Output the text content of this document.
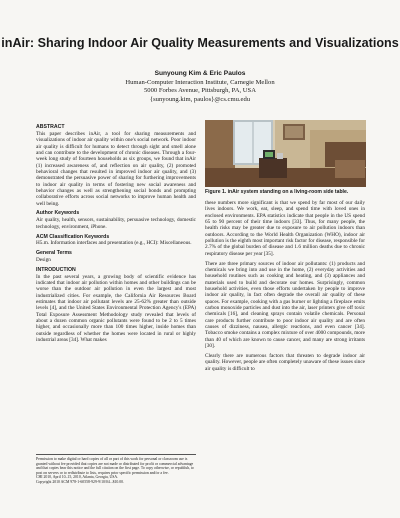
inAir: Sharing Indoor Air Quality Measurements and Visualizations
Sunyoung Kim & Eric Paulos
Human-Computer Interaction Institute, Carnegie Mellon
5000 Forbes Avenue, Pittsburgh, PA, USA
{sunyoung.kim, paulos}@cs.cmu.edu
ABSTRACT

This paper describes inAir, a tool for sharing measurements and visualizations of indoor air quality within one's social network. Poor indoor air quality is difficult for humans to detect through sight and smell alone and can contribute to the development of chronic diseases. Through a four-week long study of fourteen households as six groups, we found that inAir (1) increased awareness of, and reflection on air quality, (2) promoted behavioral changes that resulted in improved indoor air quality, and (3) demonstrated the persuasive power of sharing for furthering improvements to indoor air quality in terms of fostering new social awareness and behavior changes as well as strengthening social bonds and prompting collaborative efforts across social networks to improve human health and well being.

Author Keywords

Air quality, health, sensors, sustainability, persuasive technology, domestic technology, environment, iPhone.

ACM Classification Keywords

H5.m. Information interfaces and presentation (e.g., HCI): Miscellaneous.

General Terms

Design

INTRODUCTION

In the past several years, a growing body of scientific evidence has indicated that indoor air pollution within homes and other buildings can be worse than the outdoor air pollution in even the largest and most industrialized cities. For example, the California Air Resources Board estimates that indoor air pollutant levels are 25-62% greater than outside levels [4], and the United States Environmental Protection Agency's (EPA) Total Exposure Assessment Methodology study revealed that levels of about a dozen common organic pollutants were found to be 2 to 5 times higher, and occasionally more than 100 times higher, inside homes than outside regardless of whether the homes were located in rural or highly industrial areas [34]. What makes

Permission to make digital or hard copies of all or part of this work for personal or classroom use is granted without fee provided that copies are not made or distributed for profit or commercial advantage and that copies bear this notice and the full citation on the first page. To copy otherwise, or republish, to post on servers or to redistribute to lists, requires prior specific permission and/or a fee.
CHI 2010, April 10–15, 2010, Atlanta, Georgia, USA.
Copyright 2010 ACM 978-1-60558-929-9/10/04...$10.00.
Figure 1. inAir system standing on a living-room side table.

these numbers more significant is that we spend by far most of our daily lives indoors. We work, eat, sleep, and spend time with loved ones in enclosed environments. EPA statistics indicate that people in the US spend 65 to 90 percent of their time indoors [33]. Thus, for many people, the health risks may be greater due to exposure to air pollution indoors than outdoors. According to the World Health Organization (WHO), indoor air pollution is the eighth most important risk factor for disease, responsible for 2.7% of the global burden of disease and 1.6 million deaths due to chronic respiratory disease per year [35].

There are three primary sources of indoor air pollutants: (1) products and chemicals we bring into and use in the home, (2) everyday activities and household routines such as cooking and heating, and (3) appliances and materials used to build and decorate our homes. Surprisingly, common household activities, even those efforts undertaken by people to improve indoor air quality, in fact often degrade the overall air quality of these spaces. For example, cooking with a gas burner or lighting a fireplace emits carbon monoxide particles and dust into the air, laser printers give off toxic chemicals [16], and cleaning sprays contain volatile chemicals. Personal care products further contribute to poor indoor air quality and are often causes of dizziness, nausea, allergic reactions, and even cancer [34]. Tobacco smoke contains a complex mixture of over 4000 compounds, more than 40 of which are known to cause cancer, and many are strong irritants [30].

Clearly there are numerous factors that threaten to degrade indoor air quality. However, people are often completely unaware of these issues since air quality is difficult to
